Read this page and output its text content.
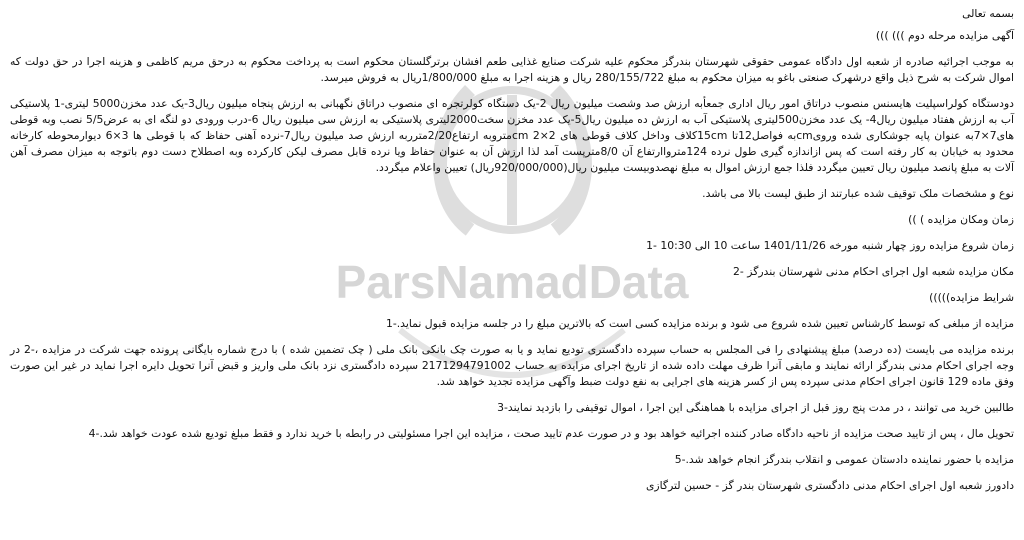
ParsNamadData

بسمه تعالی

آگهی مزایده مرحله دوم ))) )))

به موجب اجرائیه صادره از شعبه اول دادگاه عمومی حقوقی شهرستان بندرگز محکوم علیه شرکت صنایع غذایی طعم افشان برترگلستان محکوم است به پرداخت محکوم به درحق مریم کاظمی و هزینه اجرا در حق دولت که اموال شرکت به شرح ذیل واقع درشهرک صنعتی باغو به میزان محکوم به مبلغ 280/155/722 ریال و هزینه اجرا به مبلغ 1/800/000ریال به فروش میرسد.

دودستگاه کولراسپلیت هایسنس منصوب دراتاق امور ریال اداری جمعأبه ارزش صد وشصت میلیون ریال 2-یک دستگاه کولرتجره ای منصوب دراتاق نگهبانی به ارزش پنجاه میلیون ریال3-یک عدد مخزن5000 لیتری-1 پلاستیکی آب به ارزش هفتاد میلیون ریال4- یک عدد مخزن500لیتری پلاستیکی آب به ارزش ده میلیون ریال5-یک عدد مخزن سخت2000لیتری پلاستیکی به ارزش سی میلیون ریال 6-درب ورودی دو لنگه ای به عرض5/5 نصب وبه قوطی های7×7به عنوان پایه جوشکاری شده ورویcmبه فواصل12تا 15cmکلاف وداخل کلاف قوطی های 2×2 cmمتروبه ارتفاع2/20مترربه ارزش صد میلیون ریال7-نرده آهنی حفاظ که با قوطی ها 3×6 دیوارمحوطه کارخانه محدود به خیابان به کار رفته است که پس ازاندازه گیری طول نرده 124مترواارتفاع آن 8/0مترپست آمد لذا ارزش آن به عنوان حفاظ ویا نرده قابل مصرف لیکن کارکرده وبه اصطلاح دست دوم باتوجه به میزان مصرف آهن آلات به مبلغ پانصد میلیون ریال تعیین میگردد فلذا جمع ارزش اموال به مبلغ نهصدوبیست میلیون ریال(920/000/000ریال) تعیین واعلام میگردد.

نوع و مشخصات ملک توقیف شده عبارتند از طبق لیست بالا می باشد.

زمان ومکان مزایده ) ))

زمان شروع مزایده روز چهار شنبه مورخه 1401/11/26 ساعت 10 الی 10:30 -1

مکان مزایده شعبه اول اجرای احکام مدنی شهرستان بندرگز -2

شرایط مزایده)))))

مزایده از مبلغی که توسط کارشناس تعیین شده شروع می شود و برنده مزایده کسی است که بالاترین مبلغ را در جلسه مزایده قبول نماید.-1

برنده مزایده می بایست (ده درصد) مبلغ پیشنهادی را فی المجلس به حساب سپرده دادگستری تودیع نماید و یا به صورت چک بانکی بانک ملی ( چک تضمین شده ) با درج شماره بایگانی پرونده جهت شرکت در مزایده ،-2 در وجه اجرای احکام مدنی بندرگز ارائه نمایند و مابقی آنرا ظرف مهلت داده شده از تاریخ اجرای مزایده به حساب 2171294791002 سپرده دادگستری نزد بانک ملی واریز و قبض آنرا تحویل دایره اجرا نماید در غیر این صورت وفق ماده 129 قانون اجرای احکام مدنی سپرده پس از کسر هزینه های اجرایی به نفع دولت ضبط وآگهی مزایده تجدید خواهد شد.

طالبین خرید می توانند ، در مدت پنج روز قبل از اجرای مزایده با هماهنگی این اجرا ، اموال توقیفی را بازدید نمایند-3

تحویل مال ، پس از تایید صحت مزایده از ناحیه دادگاه صادر کننده اجرائیه خواهد بود و در صورت عدم تایید صحت ، مزایده این اجرا مسئولیتی در رابطه با خرید ندارد و فقط مبلغ تودیع شده عودت خواهد شد.-4

مزایده با حضور نماینده دادستان عمومی و انقلاب بندرگز انجام خواهد شد.-5

دادورز شعبه اول اجرای احکام مدنی دادگستری شهرستان بندر گز - حسین لترگازی
